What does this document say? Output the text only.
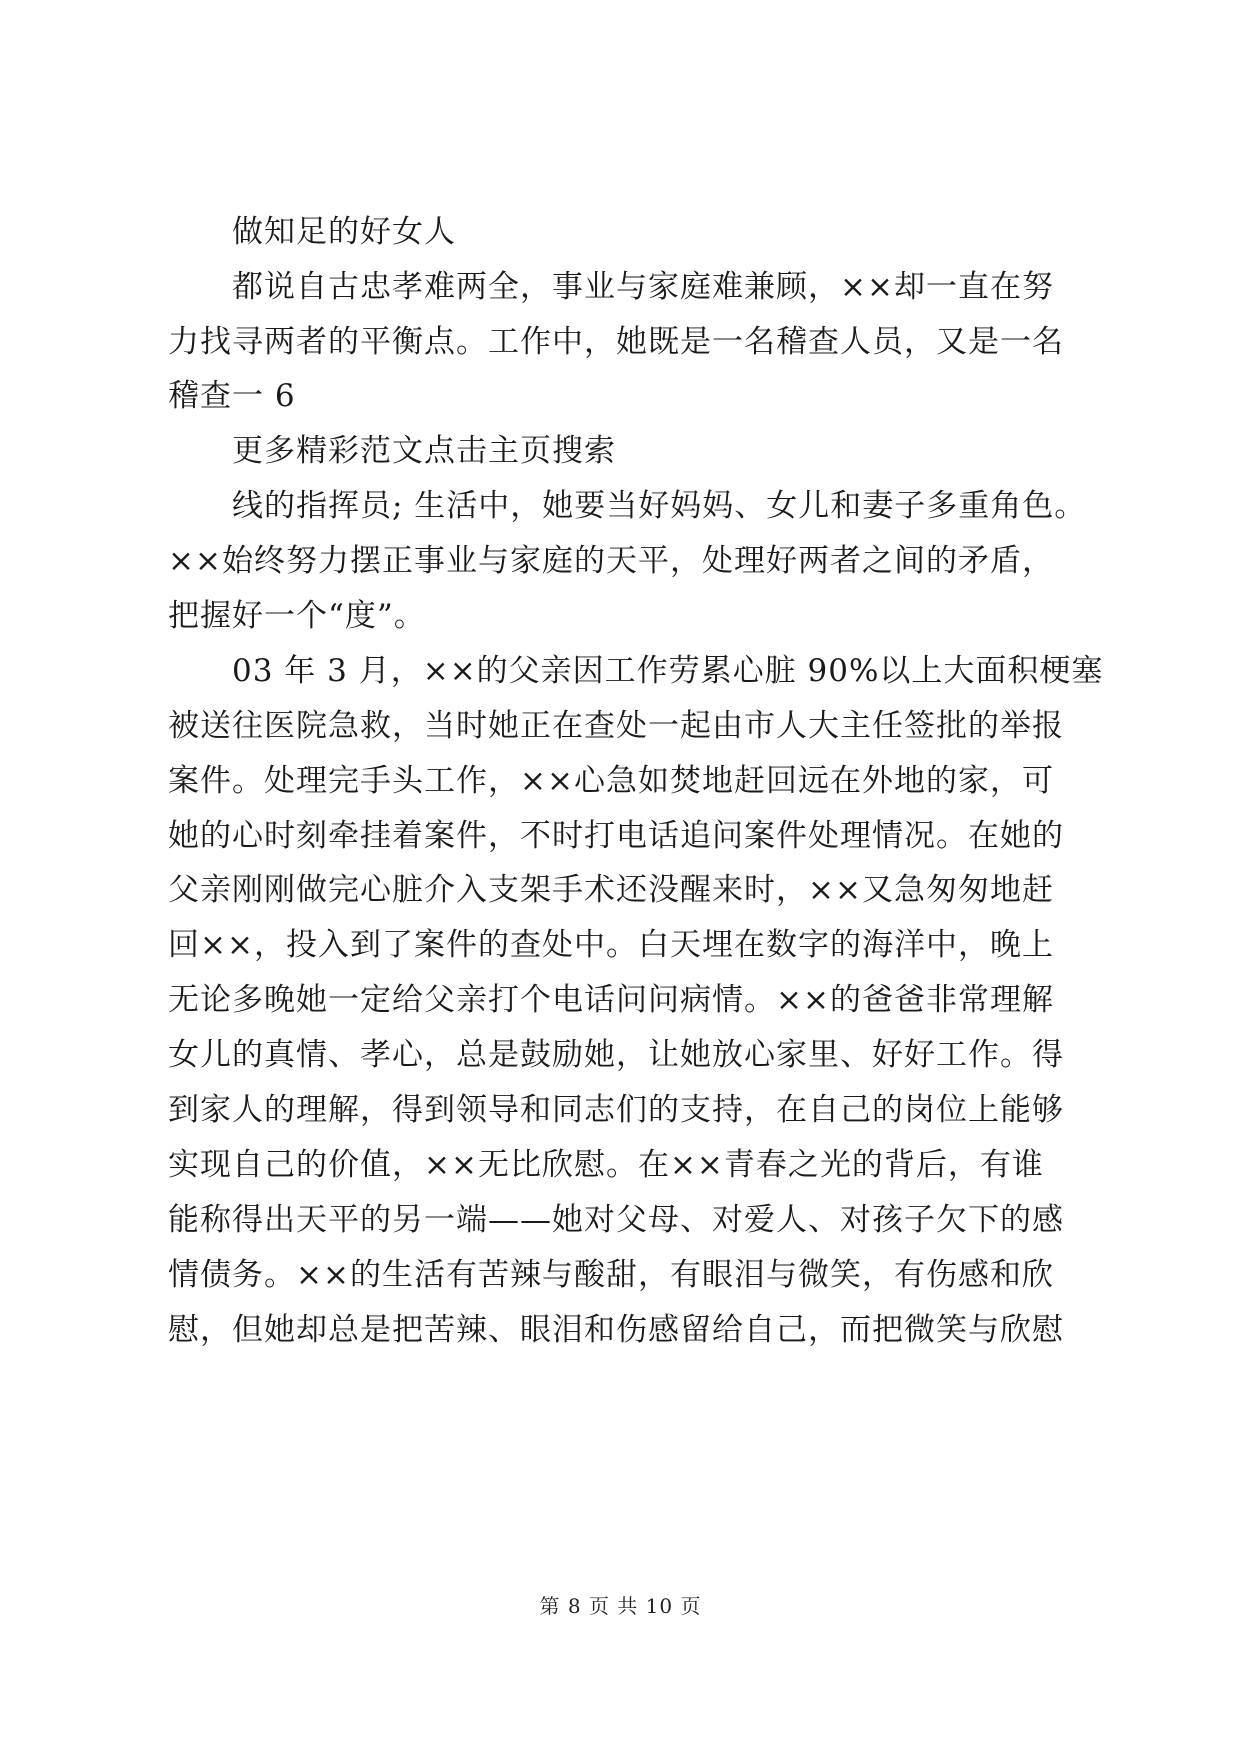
做知足的好女人
都说自古忠孝难两全，事业与家庭难兼顾，××却一直在努
力找寻两者的平衡点。工作中，她既是一名稽查人员，又是一名
稽查一 6
更多精彩范文点击主页搜索
线的指挥员; 生活中，她要当好妈妈、女儿和妻子多重角色。
××始终努力摆正事业与家庭的天平，处理好两者之间的矛盾，
把握好一个“度”。
03 年 3 月，××的父亲因工作劳累心脏 90%以上大面积梗塞
被送往医院急救，当时她正在查处一起由市人大主任签批的举报
案件。处理完手头工作，××心急如焚地赶回远在外地的家，可
她的心时刻牵挂着案件，不时打电话追问案件处理情况。在她的
父亲刚刚做完心脏介入支架手术还没醒来时，××又急匆匆地赶
回××，投入到了案件的查处中。白天埋在数字的海洋中，晚上
无论多晚她一定给父亲打个电话问问病情。××的爸爸非常理解
女儿的真情、孝心，总是鼓励她，让她放心家里、好好工作。得
到家人的理解，得到领导和同志们的支持，在自己的岗位上能够
实现自己的价值，××无比欣慰。在××青春之光的背后，有谁
能称得出天平的另一端——她对父母、对爱人、对孩子欠下的感
情债务。××的生活有苦辣与酸甜，有眼泪与微笑，有伤感和欣
慰，但她却总是把苦辣、眼泪和伤感留给自己，而把微笑与欣慰
第 8 页 共 10 页
